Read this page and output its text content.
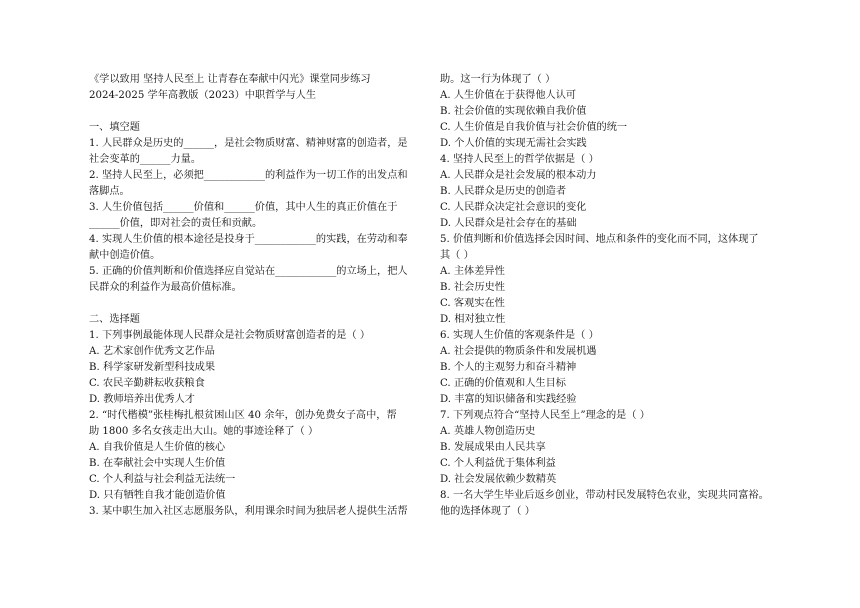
《学以致用 坚持人民至上 让青春在奉献中闪光》课堂同步练习
2024-2025 学年高教版（2023）中职哲学与人生
一、填空题
1. 人民群众是历史的______，是社会物质财富、精神财富的创造者，是
社会变革的______力量。
2. 坚持人民至上，必须把____________的利益作为一切工作的出发点和
落脚点。
3. 人生价值包括______价值和______价值，其中人生的真正价值在于
______价值，即对社会的责任和贡献。
4. 实现人生价值的根本途径是投身于____________的实践，在劳动和奉
献中创造价值。
5. 正确的价值判断和价值选择应自觉站在____________的立场上，把人
民群众的利益作为最高价值标准。
二、选择题
1. 下列事例最能体现人民群众是社会物质财富创造者的是（ ）
A. 艺术家创作优秀文艺作品
B. 科学家研发新型科技成果
C. 农民辛勤耕耘收获粮食
D. 教师培养出优秀人才
2. “时代楷模”张桂梅扎根贫困山区 40 余年，创办免费女子高中，帮
助 1800 多名女孩走出大山。她的事迹诠释了（ ）
A. 自我价值是人生价值的核心
B. 在奉献社会中实现人生价值
C. 个人利益与社会利益无法统一
D. 只有牺牲自我才能创造价值
3. 某中职生加入社区志愿服务队，利用课余时间为独居老人提供生活帮
助。这一行为体现了（ ）
A. 人生价值在于获得他人认可
B. 社会价值的实现依赖自我价值
C. 人生价值是自我价值与社会价值的统一
D. 个人价值的实现无需社会实践
4. 坚持人民至上的哲学依据是（ ）
A. 人民群众是社会发展的根本动力
B. 人民群众是历史的创造者
C. 人民群众决定社会意识的变化
D. 人民群众是社会存在的基础
5. 价值判断和价值选择会因时间、地点和条件的变化而不同，这体现了
其（ ）
A. 主体差异性
B. 社会历史性
C. 客观实在性
D. 相对独立性
6. 实现人生价值的客观条件是（ ）
A. 社会提供的物质条件和发展机遇
B. 个人的主观努力和奋斗精神
C. 正确的价值观和人生目标
D. 丰富的知识储备和实践经验
7. 下列观点符合“坚持人民至上”理念的是（ ）
A. 英雄人物创造历史
B. 发展成果由人民共享
C. 个人利益优于集体利益
D. 社会发展依赖少数精英
8. 一名大学生毕业后返乡创业，带动村民发展特色农业，实现共同富裕。
他的选择体现了（ ）
